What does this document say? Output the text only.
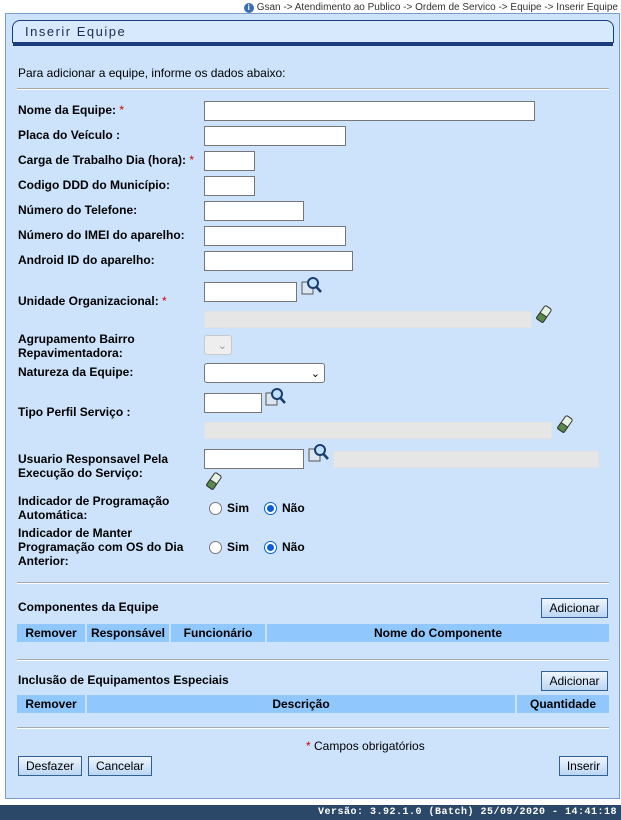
i Gsan -> Atendimento ao Publico -> Ordem de Servico -> Equipe -> Inserir Equipe
Inserir Equipe
Para adicionar a equipe, informe os dados abaixo:
Nome da Equipe: *
Placa do Veículo :
Carga de Trabalho Dia (hora): *
Codigo DDD do Município:
Número do Telefone:
Número do IMEI do aparelho:
Android ID do aparelho:
Unidade Organizacional: *
Agrupamento Bairro
Repavimentadora:	⌄
Natureza da Equipe:	⌄
Tipo Perfil Serviço :
Usuario Responsavel Pela
Execução do Serviço:
Indicador de Programação
Automática:	Sim	Não
Indicador de Manter
Programação com OS do Dia
Anterior:
Sim	Não
Componentes da Equipe	Adicionar
Remover	Responsável	Funcionário	Nome do Componente
Inclusão de Equipamentos Especiais	Adicionar
Remover	Descrição	Quantidade
* Campos obrigatórios
Desfazer	Cancelar	Inserir
Versão: 3.92.1.0 (Batch) 25/09/2020 - 14:41:18
